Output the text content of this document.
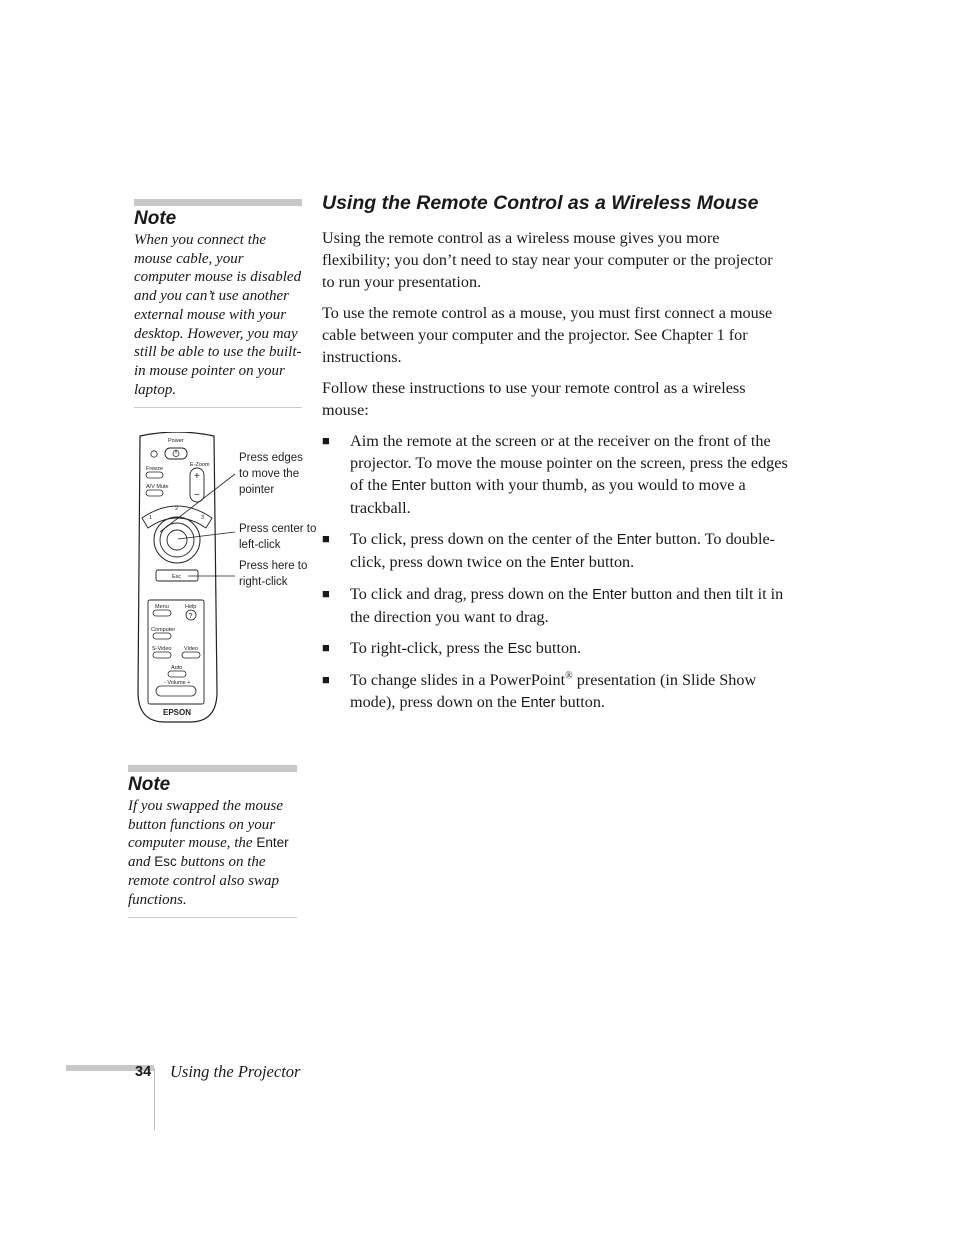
Note
When you connect the mouse cable, your computer mouse is disabled and you can’t use another external mouse with your desktop. However, you may still be able to use the built-in mouse pointer on your laptop.
Using the Remote Control as a Wireless Mouse

Using the remote control as a wireless mouse gives you more flexibility; you don’t need to stay near your computer or the projector to run your presentation.

To use the remote control as a mouse, you must first connect a mouse cable between your computer and the projector. See Chapter 1 for instructions.

Follow these instructions to use your remote control as a wireless mouse:

■ Aim the remote at the screen or at the receiver on the front of the projector. To move the mouse pointer on the screen, press the edges of the Enter button with your thumb, as you would to move a trackball.
■ To click, press down on the center of the Enter button. To double-click, press down twice on the Enter button.
■ To click and drag, press down on the Enter button and then tilt it in the direction you want to drag.
■ To right-click, press the Esc button.
■ To change slides in a PowerPoint® presentation (in Slide Show mode), press down on the Enter button.
Power
Freeze
E-Zoom
+
−
A/V Mute
1
2
3
Esc
Menu	Help
?
Computer
S-Video Video
Auto
- Volume +
EPSON
Press edges to move the pointer
Press center to left-click
Press here to right-click
Note
If you swapped the mouse button functions on your computer mouse, the Enter and Esc buttons on the remote control also swap functions.
34 Using the Projector
